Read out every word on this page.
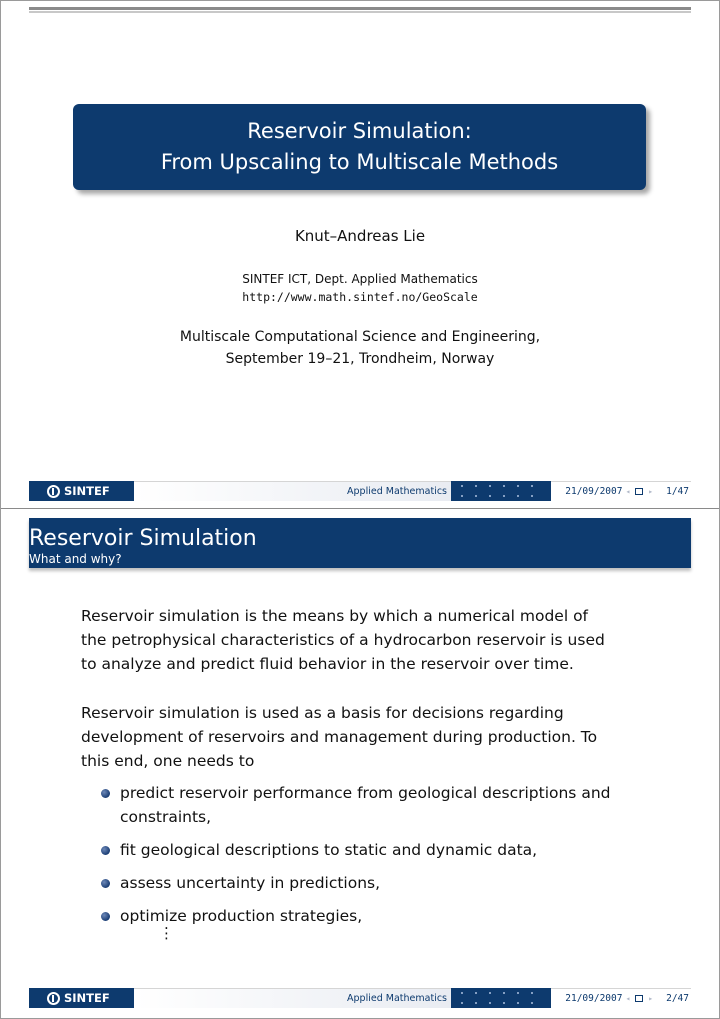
Reservoir Simulation:
From Upscaling to Multiscale Methods
Knut–Andreas Lie
SINTEF ICT, Dept. Applied Mathematics
http://www.math.sintef.no/GeoScale
Multiscale Computational Science and Engineering,
September 19–21, Trondheim, Norway
SINTEF	Applied Mathematics	21/09/2007 ◂ ▸ 1/47
Reservoir Simulation
What and why?
Reservoir simulation is the means by which a numerical model of
the petrophysical characteristics of a hydrocarbon reservoir is used
to analyze and predict fluid behavior in the reservoir over time.
Reservoir simulation is used as a basis for decisions regarding
development of reservoirs and management during production. To
this end, one needs to
predict reservoir performance from geological descriptions and
constraints,
fit geological descriptions to static and dynamic data,
assess uncertainty in predictions,
optimize production strategies,
⋮
SINTEF	Applied Mathematics	21/09/2007 ◂ ▸ 2/47
